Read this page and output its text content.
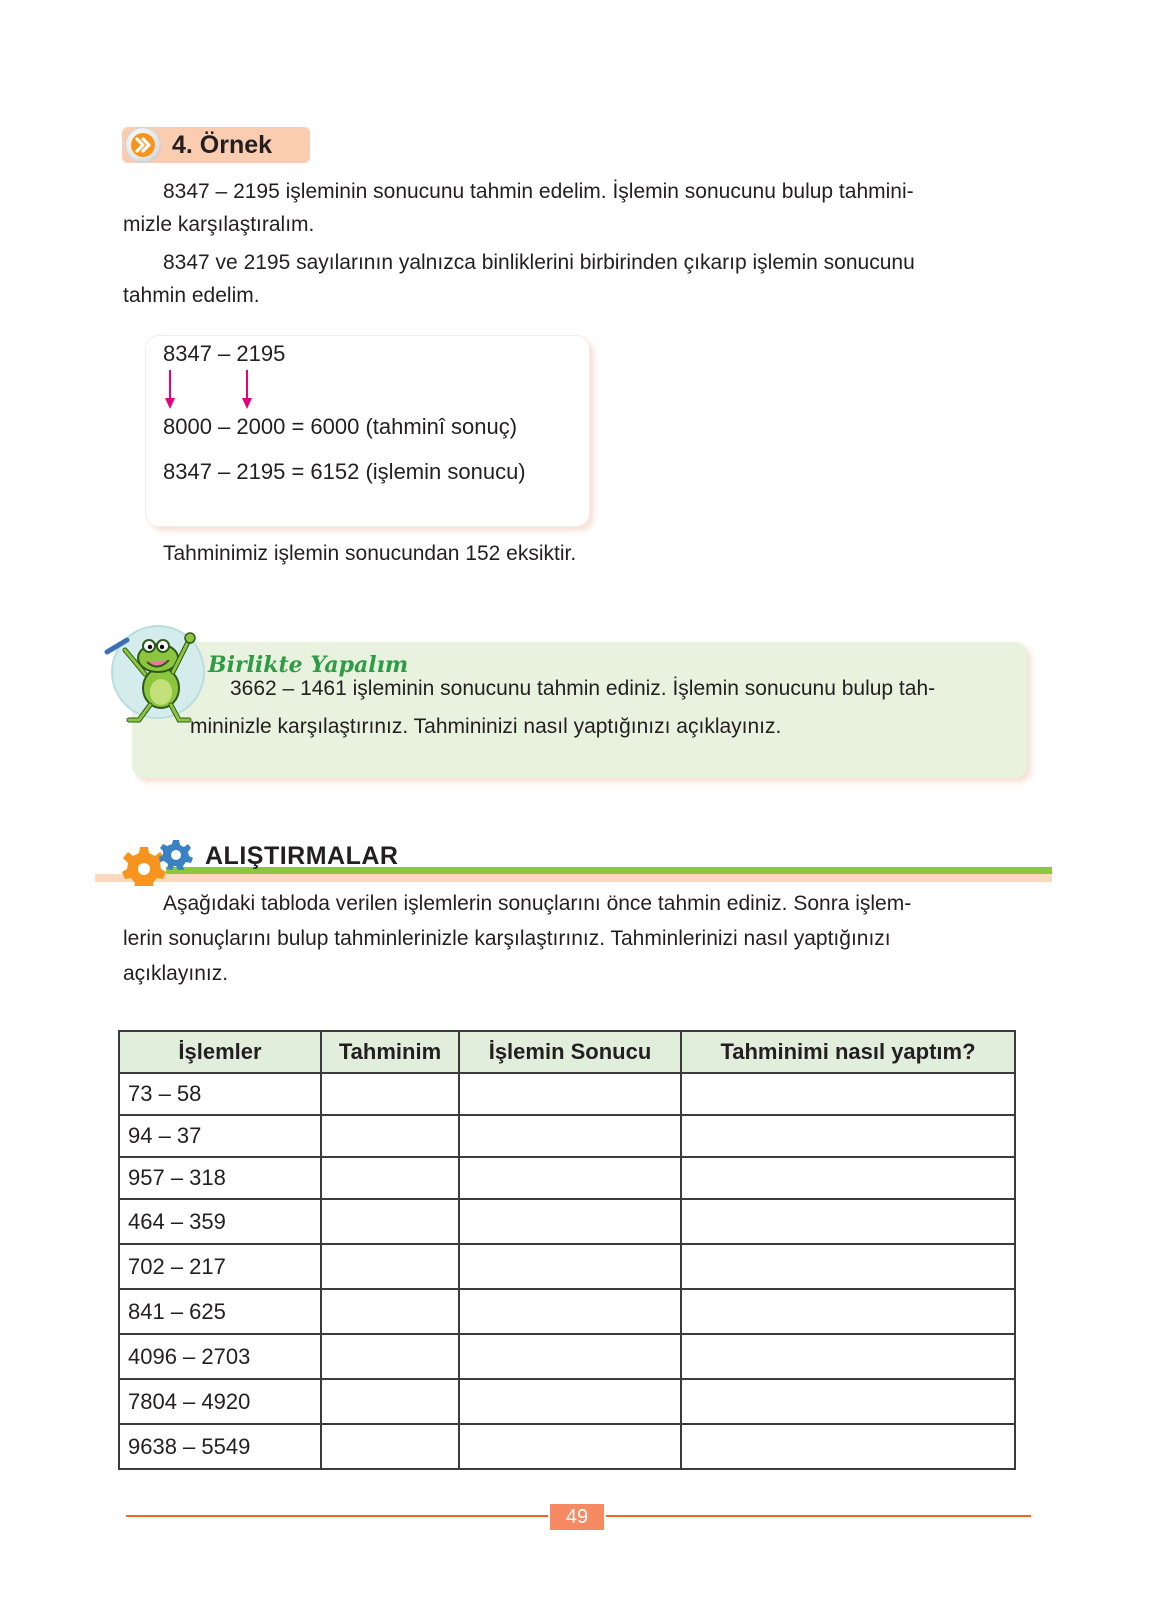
4. Örnek
8347 – 2195 işleminin sonucunu tahmin edelim. İşlemin sonucunu bulup tahmini-
mizle karşılaştıralım.
8347 ve 2195 sayılarının yalnızca binliklerini birbirinden çıkarıp işlemin sonucunu
tahmin edelim.
8347 – 2195
8000 – 2000 = 6000 (tahminî sonuç)
8347 – 2195 = 6152 (işlemin sonucu)
Tahminimiz işlemin sonucundan 152 eksiktir.
Birlikte Yapalım
3662 – 1461 işleminin sonucunu tahmin ediniz. İşlemin sonucunu bulup tah-
mininizle karşılaştırınız. Tahmininizi nasıl yaptığınızı açıklayınız.
ALIŞTIRMALAR
Aşağıdaki tabloda verilen işlemlerin sonuçlarını önce tahmin ediniz. Sonra işlem-
lerin sonuçlarını bulup tahminlerinizle karşılaştırınız. Tahminlerinizi nasıl yaptığınızı
açıklayınız.
İşlemler	Tahminim	İşlemin Sonucu	Tahminimi nasıl yaptım?
73 – 58			
94 – 37			
957 – 318			
464 – 359			
702 – 217			
841 – 625			
4096 – 2703			
7804 – 4920			
9638 – 5549			
49
